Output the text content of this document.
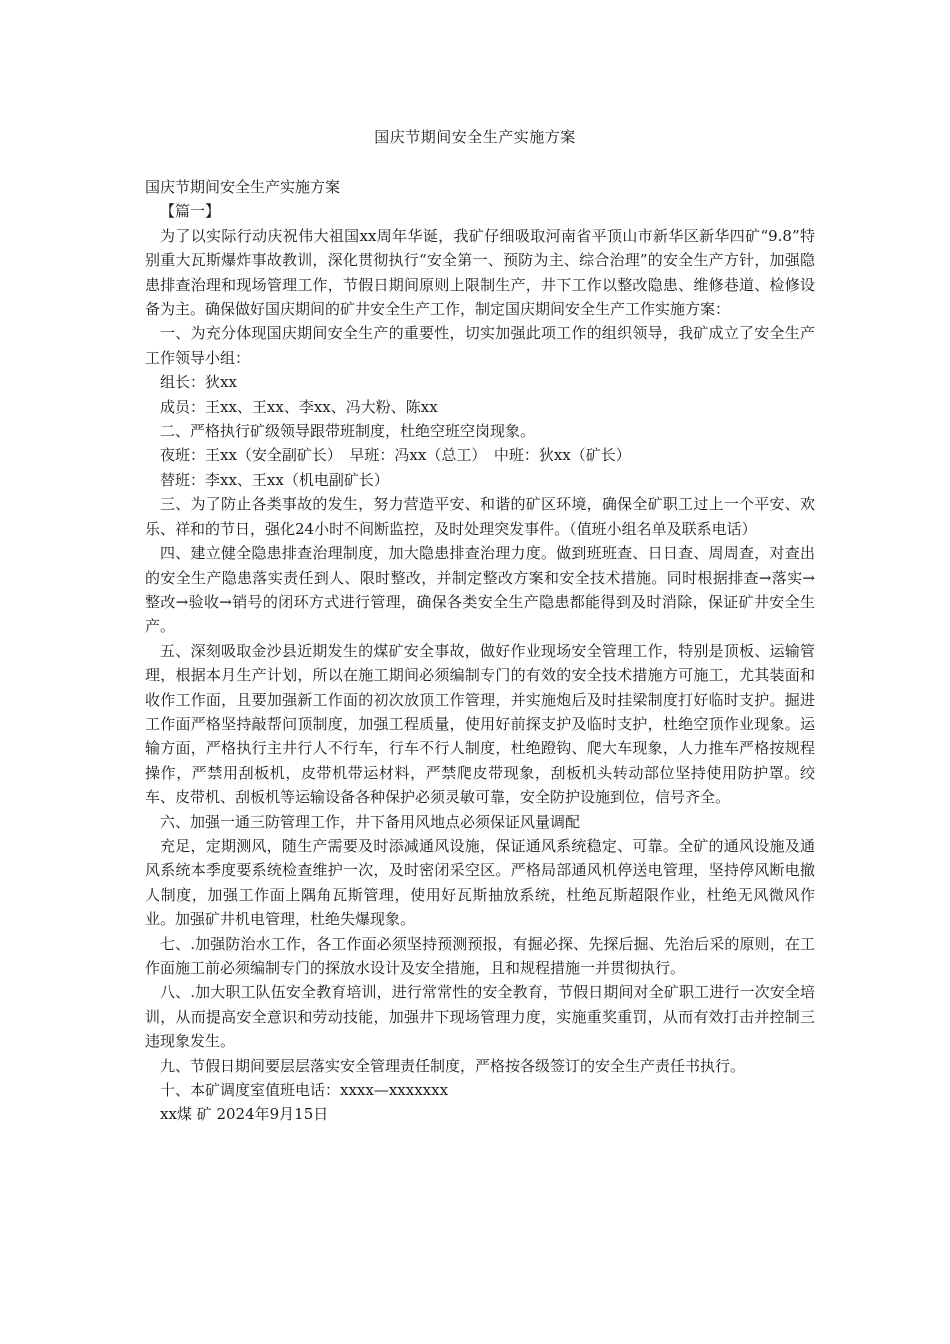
国庆节期间安全生产实施方案

国庆节期间安全生产实施方案

【篇一】

为了以实际行动庆祝伟大祖国xx周年华诞，我矿仔细吸取河南省平顶山市新华区新华四矿“9.8”特别重大瓦斯爆炸事故教训，深化贯彻执行“安全第一、预防为主、综合治理”的安全生产方针，加强隐患排查治理和现场管理工作，节假日期间原则上限制生产，井下工作以整改隐患、维修巷道、检修设备为主。确保做好国庆期间的矿井安全生产工作，制定国庆期间安全生产工作实施方案：

一、为充分体现国庆期间安全生产的重要性，切实加强此项工作的组织领导，我矿成立了安全生产工作领导小组：

组长：狄xx

成员：王xx、王xx、李xx、冯大粉、陈xx

二、严格执行矿级领导跟带班制度，杜绝空班空岗现象。

夜班：王xx（安全副矿长）　早班：冯xx（总工）　中班：狄xx（矿长）

替班：李xx、王xx（机电副矿长）

三、为了防止各类事故的发生，努力营造平安、和谐的矿区环境，确保全矿职工过上一个平安、欢乐、祥和的节日，强化24小时不间断监控，及时处理突发事件。（值班小组名单及联系电话）

四、建立健全隐患排查治理制度，加大隐患排查治理力度。做到班班查、日日查、周周查，对查出的安全生产隐患落实责任到人、限时整改，并制定整改方案和安全技术措施。同时根据排查→落实→整改→验收→销号的闭环方式进行管理，确保各类安全生产隐患都能得到及时消除，保证矿井安全生产。

五、深刻吸取金沙县近期发生的煤矿安全事故，做好作业现场安全管理工作，特别是顶板、运输管理，根据本月生产计划，所以在施工期间必须编制专门的有效的安全技术措施方可施工，尤其装面和收作工作面，且要加强新工作面的初次放顶工作管理，并实施炮后及时挂梁制度打好临时支护。掘进工作面严格坚持敲帮问顶制度，加强工程质量，使用好前探支护及临时支护，杜绝空顶作业现象。运输方面，严格执行主井行人不行车，行车不行人制度，杜绝蹬钩、爬大车现象，人力推车严格按规程操作，严禁用刮板机，皮带机带运材料，严禁爬皮带现象，刮板机头转动部位坚持使用防护罩。绞车、皮带机、刮板机等运输设备各种保护必须灵敏可靠，安全防护设施到位，信号齐全。

六、加强一通三防管理工作，井下备用风地点必须保证风量调配

充足，定期测风，随生产需要及时添减通风设施，保证通风系统稳定、可靠。全矿的通风设施及通风系统本季度要系统检查维护一次，及时密闭采空区。严格局部通风机停送电管理，坚持停风断电撤人制度，加强工作面上隅角瓦斯管理，使用好瓦斯抽放系统，杜绝瓦斯超限作业，杜绝无风微风作业。加强矿井机电管理，杜绝失爆现象。

七、.加强防治水工作，各工作面必须坚持预测预报，有掘必探、先探后掘、先治后采的原则，在工作面施工前必须编制专门的探放水设计及安全措施，且和规程措施一并贯彻执行。

八、.加大职工队伍安全教育培训，进行常常性的安全教育，节假日期间对全矿职工进行一次安全培训，从而提高安全意识和劳动技能，加强井下现场管理力度，实施重奖重罚，从而有效打击并控制三违现象发生。

九、节假日期间要层层落实安全管理责任制度，严格按各级签订的安全生产责任书执行。

十、本矿调度室值班电话：xxxx—xxxxxxx

xx煤 矿 2024年9月15日
